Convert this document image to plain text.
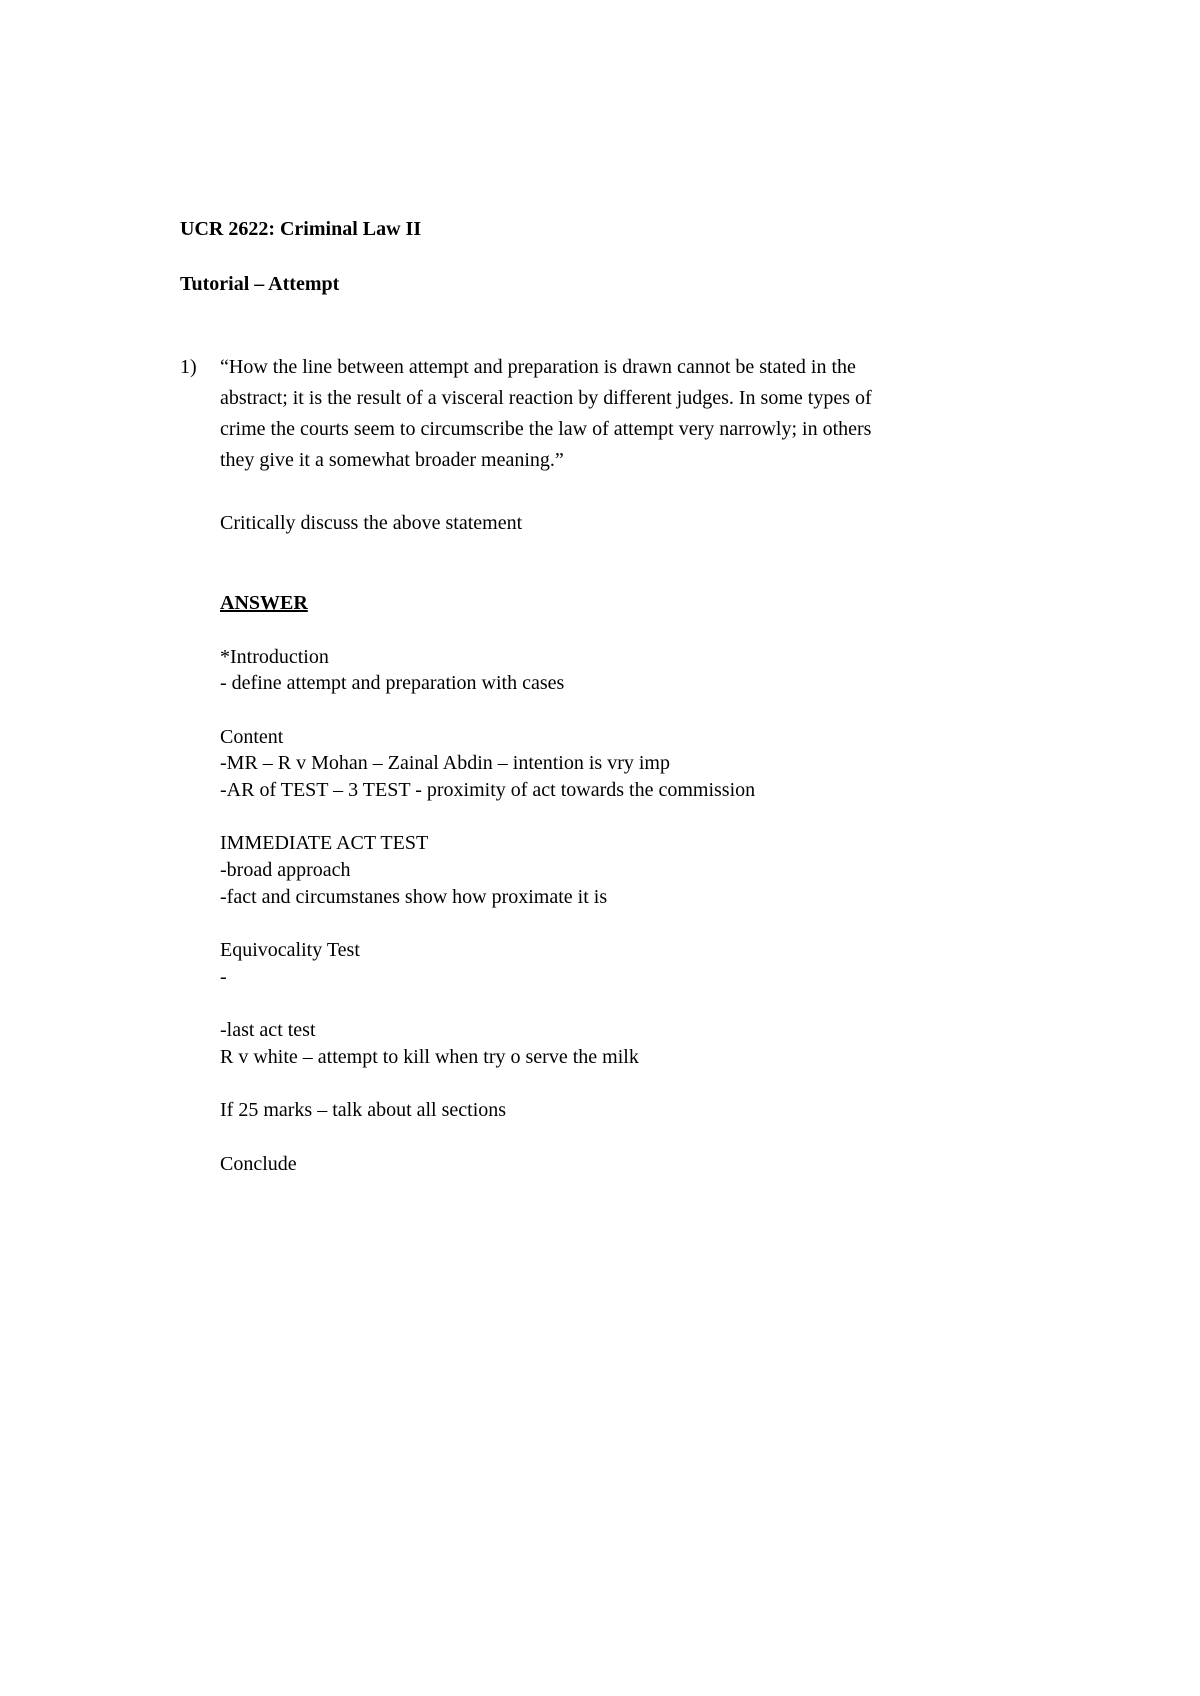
UCR 2622: Criminal Law II
Tutorial – Attempt
1) “How the line between attempt and preparation is drawn cannot be stated in the
abstract; it is the result of a visceral reaction by different judges. In some types of
crime the courts seem to circumscribe the law of attempt very narrowly; in others
they give it a somewhat broader meaning.”
Critically discuss the above statement
ANSWER
*Introduction
- define attempt and preparation with cases
Content
-MR – R v Mohan – Zainal Abdin – intention is vry imp
-AR of TEST – 3 TEST - proximity of act towards the commission
IMMEDIATE ACT TEST
-broad approach
-fact and circumstanes show how proximate it is
Equivocality Test
-
-last act test
R v white – attempt to kill when try o serve the milk
If 25 marks – talk about all sections
Conclude
